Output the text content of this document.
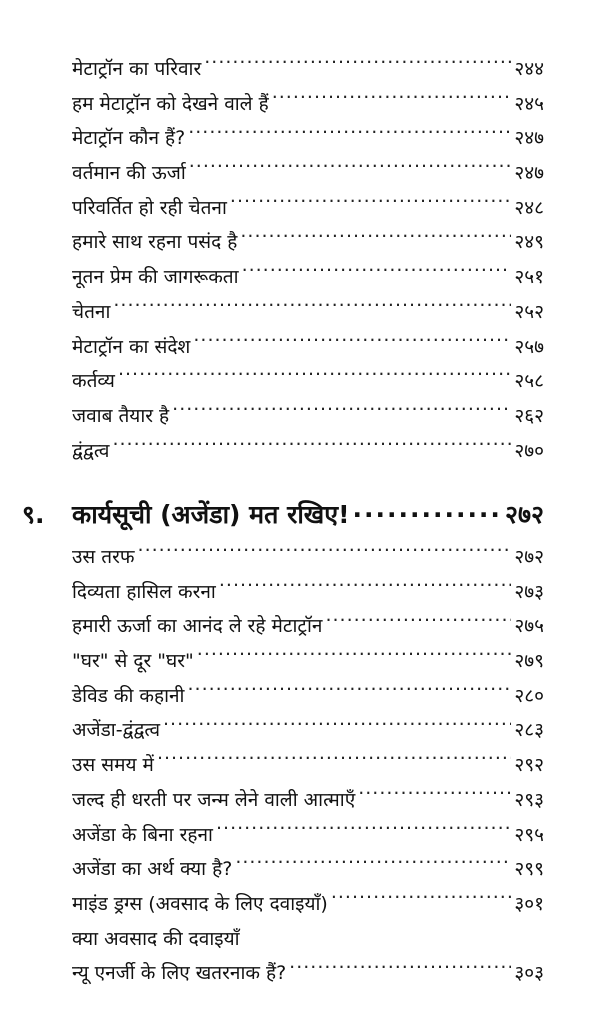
मेटाट्रॉन का परिवार .....	२४४
हम मेटाट्रॉन को देखने वाले हैं .....	२४५
मेटाट्रॉन कौन हैं? .....	२४७
वर्तमान की ऊर्जा .....	२४७
परिवर्तित हो रही चेतना .....	२४८
हमारे साथ रहना पसंद है .....	२४९
नूतन प्रेम की जागरूकता .....	२५१
चेतना .....	२५२
मेटाट्रॉन का संदेश .....	२५७
कर्तव्य .....	२५८
जवाब तैयार है .....	२६२
द्वंद्वत्व .....	२७०
९.	कार्यसूची (अजेंडा) मत रखिए! .....	२७२
उस तरफ .....	२७२
दिव्यता हासिल करना .....	२७३
हमारी ऊर्जा का आनंद ले रहे मेटाट्रॉन .....	२७५
"घर" से दूर "घर" .....	२७९
डेविड की कहानी .....	२८०
अजेंडा-द्वंद्वत्व .....	२८३
उस समय में .....	२९२
जल्द ही धरती पर जन्म लेने वाली आत्माएँ .....	२९३
अजेंडा के बिना रहना .....	२९५
अजेंडा का अर्थ क्या है? .....	२९९
माइंड ड्रग्स (अवसाद के लिए दवाइयाँ) .....	३०१
क्या अवसाद की दवाइयाँ
न्यू एनर्जी के लिए खतरनाक हैं? .....	३०३
